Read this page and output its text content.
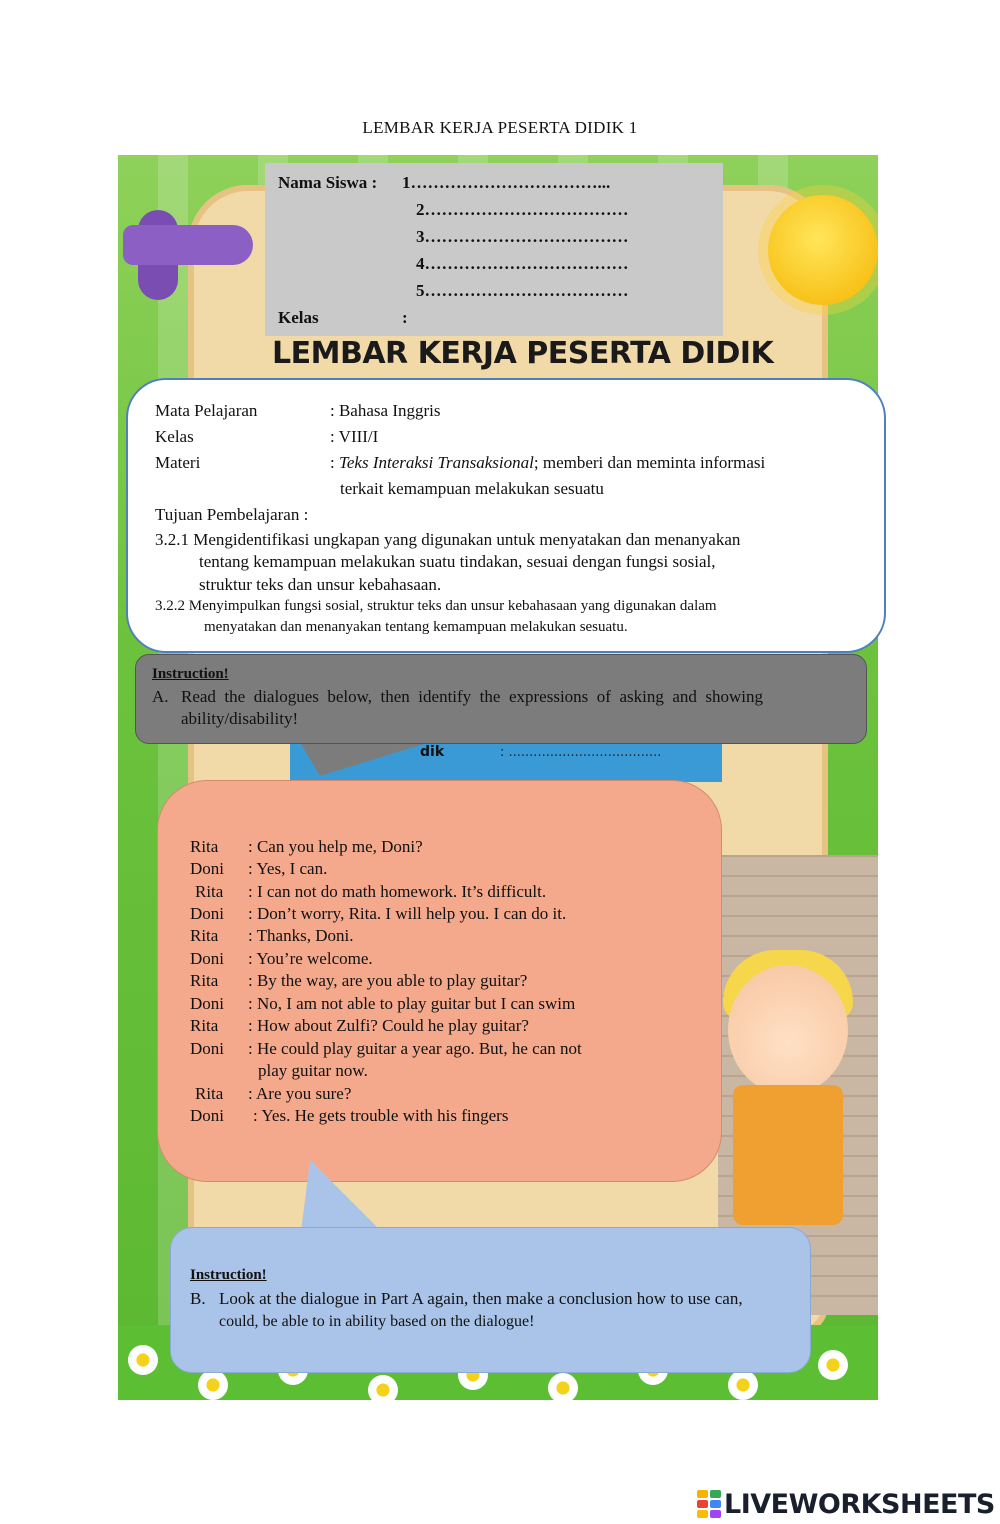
LEMBAR KERJA PESERTA DIDIK 1
Nama Siswa : 1……………………………...
2………………………………
3………………………………
4………………………………
5………………………………
Kelas	:
LEMBAR KERJA PESERTA DIDIK
Mata Pelajaran	: Bahasa Inggris
Kelas	: VIII/I
Materi	: Teks Interaksi Transaksional; memberi dan meminta informasi
terkait kemampuan melakukan sesuatu
Tujuan Pembelajaran :
3.2.1 Mengidentifikasi ungkapan yang digunakan untuk menyatakan dan menanyakan
tentang kemampuan melakukan suatu tindakan, sesuai dengan fungsi sosial,
struktur teks dan unsur kebahasaan.
3.2.2 Menyimpulkan fungsi sosial, struktur teks dan unsur kebahasaan yang digunakan dalam
menyatakan dan menanyakan tentang kemampuan melakukan sesuatu.
dik	: .....................................
Instruction!
A. Read  the  dialogues  below,  then  identify  the  expressions  of  asking  and  showing
ability/disability!
Rita : Can you help me, Doni?
Doni : Yes, I can.
Rita : I can not do math homework. It’s difficult.
Doni : Don’t worry, Rita. I will help you. I can do it.
Rita : Thanks, Doni.
Doni : You’re welcome.
Rita : By the way, are you able to play guitar?
Doni : No, I am not able to play guitar but I can swim
Rita : How about Zulfi? Could he play guitar?
Doni : He could play guitar a year ago. But, he can not
play guitar now.
Rita : Are you sure?
Doni : Yes. He gets trouble with his fingers
Instruction!
B. Look at the dialogue in Part A again, then make a conclusion how to use can,
could, be able to in ability based on the dialogue!
LIVEWORKSHEETS
